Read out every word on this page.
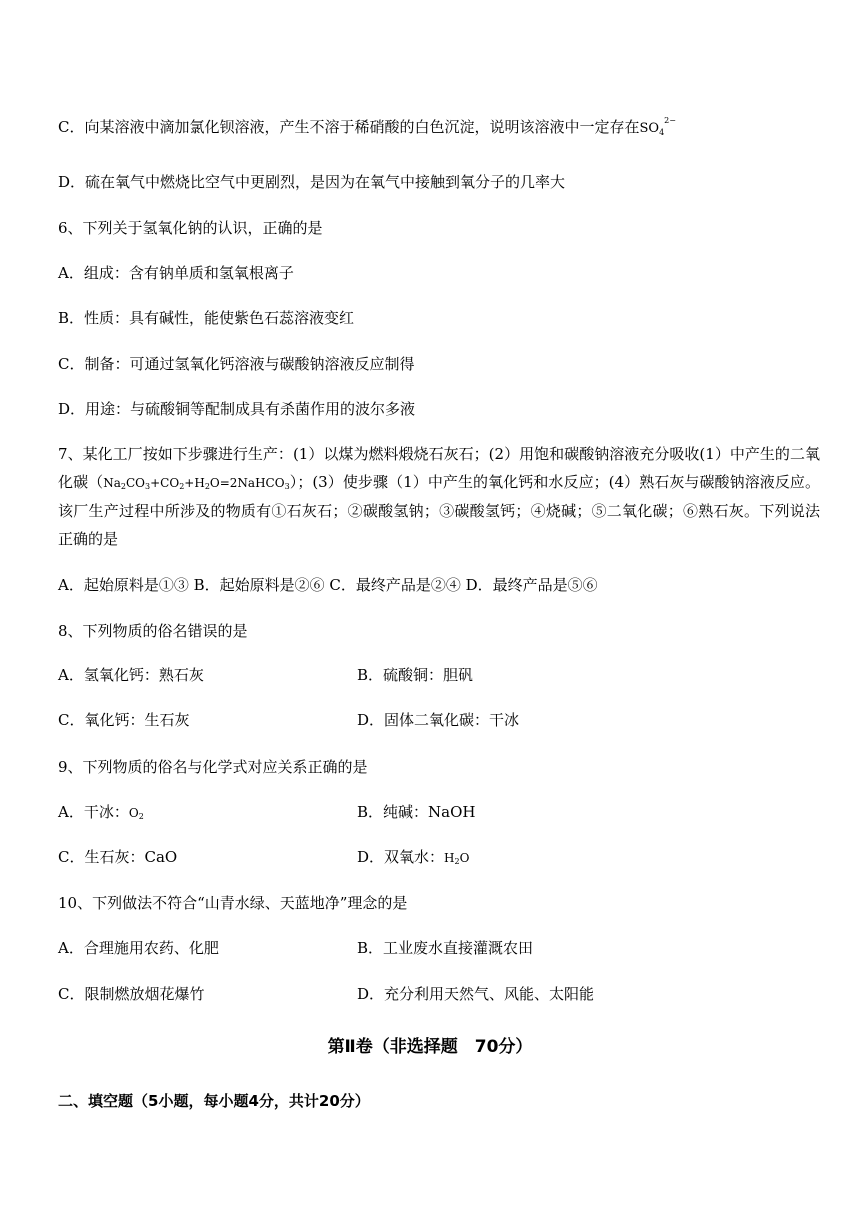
C．向某溶液中滴加氯化钡溶液，产生不溶于稀硝酸的白色沉淀，说明该溶液中一定存在$SO_4$
2−
D．硫在氧气中燃烧比空气中更剧烈，是因为在氧气中接触到氧分子的几率大
6、下列关于氢氧化钠的认识，正确的是
A．组成：含有钠单质和氢氧根离子
B．性质：具有碱性，能使紫色石蕊溶液变红
C．制备：可通过氢氧化钙溶液与碳酸钠溶液反应制得
D．用途：与硫酸铜等配制成具有杀菌作用的波尔多液
7、某化工厂按如下步骤进行生产：(1）以煤为燃料煅烧石灰石；(2）用饱和碳酸钠溶液充分吸收(1）中产生的二氧化碳$(Na_2CO_3+CO_2+H_2O=2NaHCO_3)$；(3）使步骤（1）中产生的氧化钙和水反应；(4）熟石灰与碳酸钠溶液反应。该厂生产过程中所涉及的物质有①石灰石；②碳酸氢钠；③碳酸氢钙；④烧碱；⑤二氧化碳；⑥熟石灰。下列说法正确的是
A．起始原料是①③ B．起始原料是②⑥ C．最终产品是②④ D．最终产品是⑤⑥
8、下列物质的俗名错误的是
A．氢氧化钙：熟石灰	B．硫酸铜：胆矾
C．氧化钙：生石灰	D．固体二氧化碳：干冰
9、下列物质的俗名与化学式对应关系正确的是
A．干冰：$O_2$	B．纯碱：NaOH
C．生石灰：CaO	D．双氧水：$H_2O$
10、下列做法不符合“山青水绿、天蓝地净”理念的是
A．合理施用农药、化肥	B．工业废水直接灌溉农田
C．限制燃放烟花爆竹	D．充分利用天然气、风能、太阳能
第Ⅱ卷（非选择题　70分）
二、填空题（5小题，每小题4分，共计20分）
